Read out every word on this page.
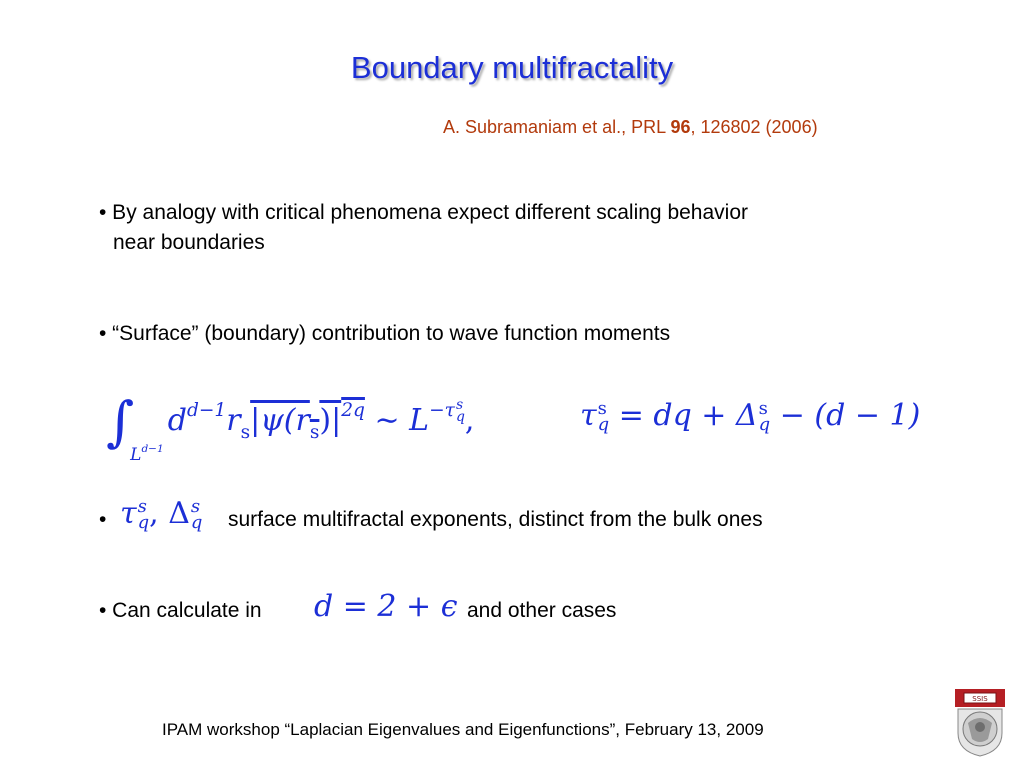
Boundary multifractality
A. Subramaniam et al., PRL 96, 126802 (2006)
• By analogy with critical phenomena expect different scaling behavior
near boundaries
• “Surface” (boundary) contribution to wave function moments
$\int_{L^{d-1}}d^{d-1}r_s|\psi(r_s)|^{2q}$ ∼ $L^{-\tau s q}$ ,	τ s
q = dq + Δ s
q − (d − 1)
• τ s
q , Δ s
q surface multifractal exponents, distinct from the bulk ones
• Can calculate in d = 2 + ϵ and other cases
IPAM workshop “Laplacian Eigenvalues and Eigenfunctions”, February 13, 2009
SSIS
